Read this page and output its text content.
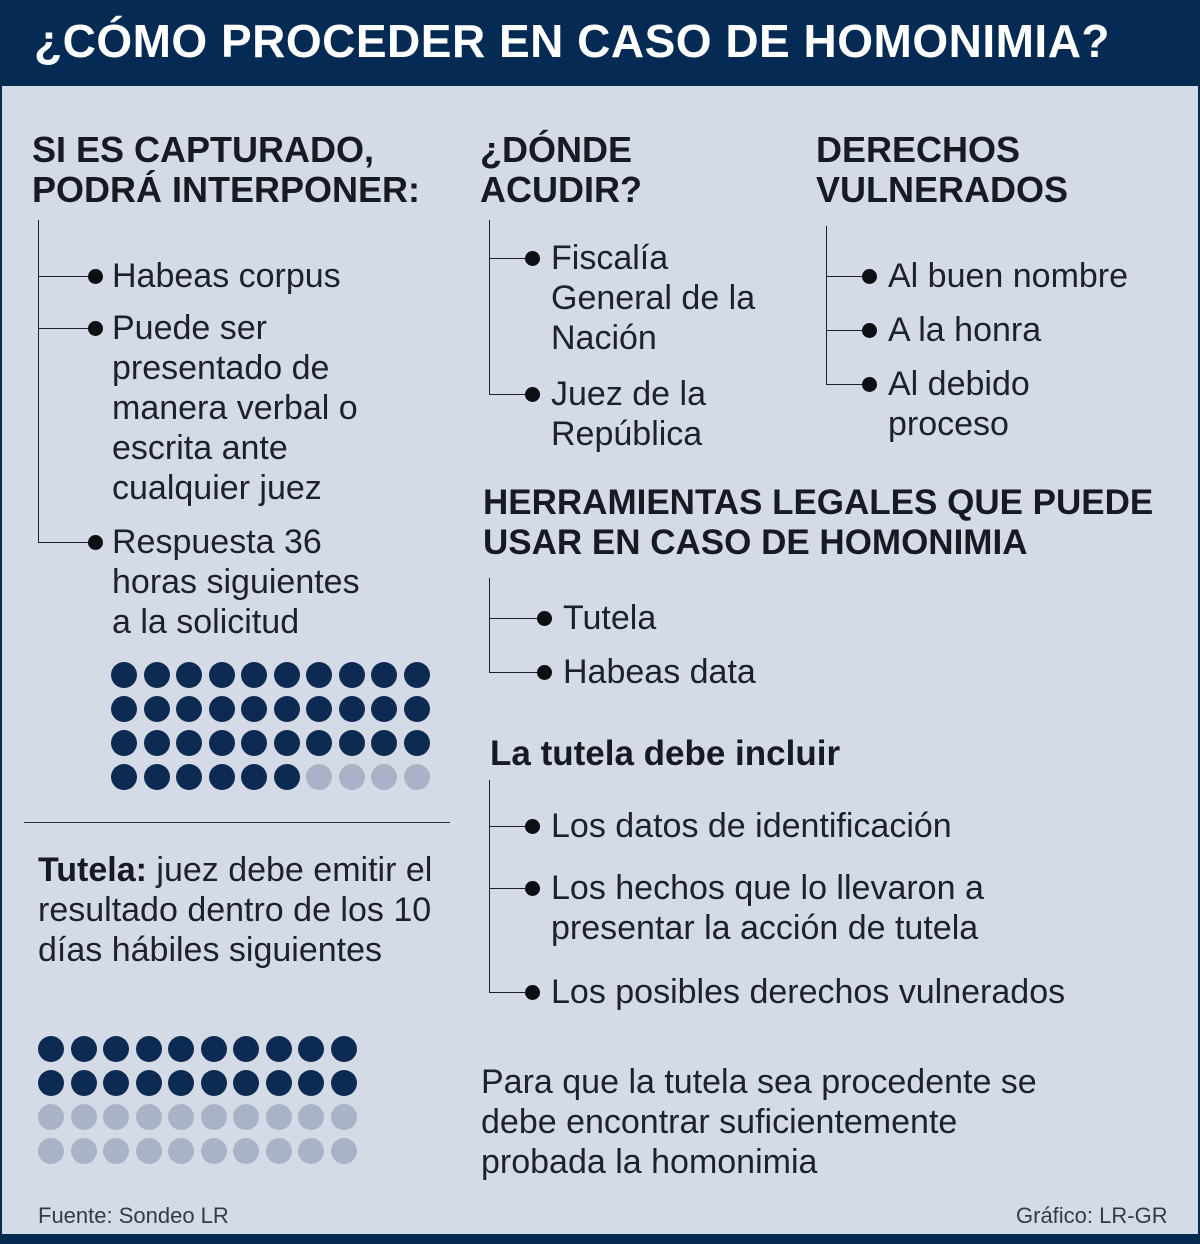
¿CÓMO PROCEDER EN CASO DE HOMONIMIA?
SI ES CAPTURADO,
PODRÁ INTERPONER:
Habeas corpus
Puede ser
presentado de
manera verbal o
escrita ante
cualquier juez
Respuesta 36
horas siguientes
a la solicitud

Tutela: juez debe emitir el resultado dentro de los 10 días hábiles siguientes

¿DÓNDE
ACUDIR?
Fiscalía
General de la
Nación
Juez de la
República
DERECHOS
VULNERADOS
Al buen nombre
A la honra
Al debido
proceso
HERRAMIENTAS LEGALES QUE PUEDE
USAR EN CASO DE HOMONIMIA
Tutela
Habeas data
La tutela debe incluir
Los datos de identificación
Los hechos que lo llevaron a
presentar la acción de tutela
Los posibles derechos vulnerados

Para que la tutela sea procedente se debe encontrar suficientemente probada la homonimia

Fuente: Sondeo LR	Gráfico: LR-GR
